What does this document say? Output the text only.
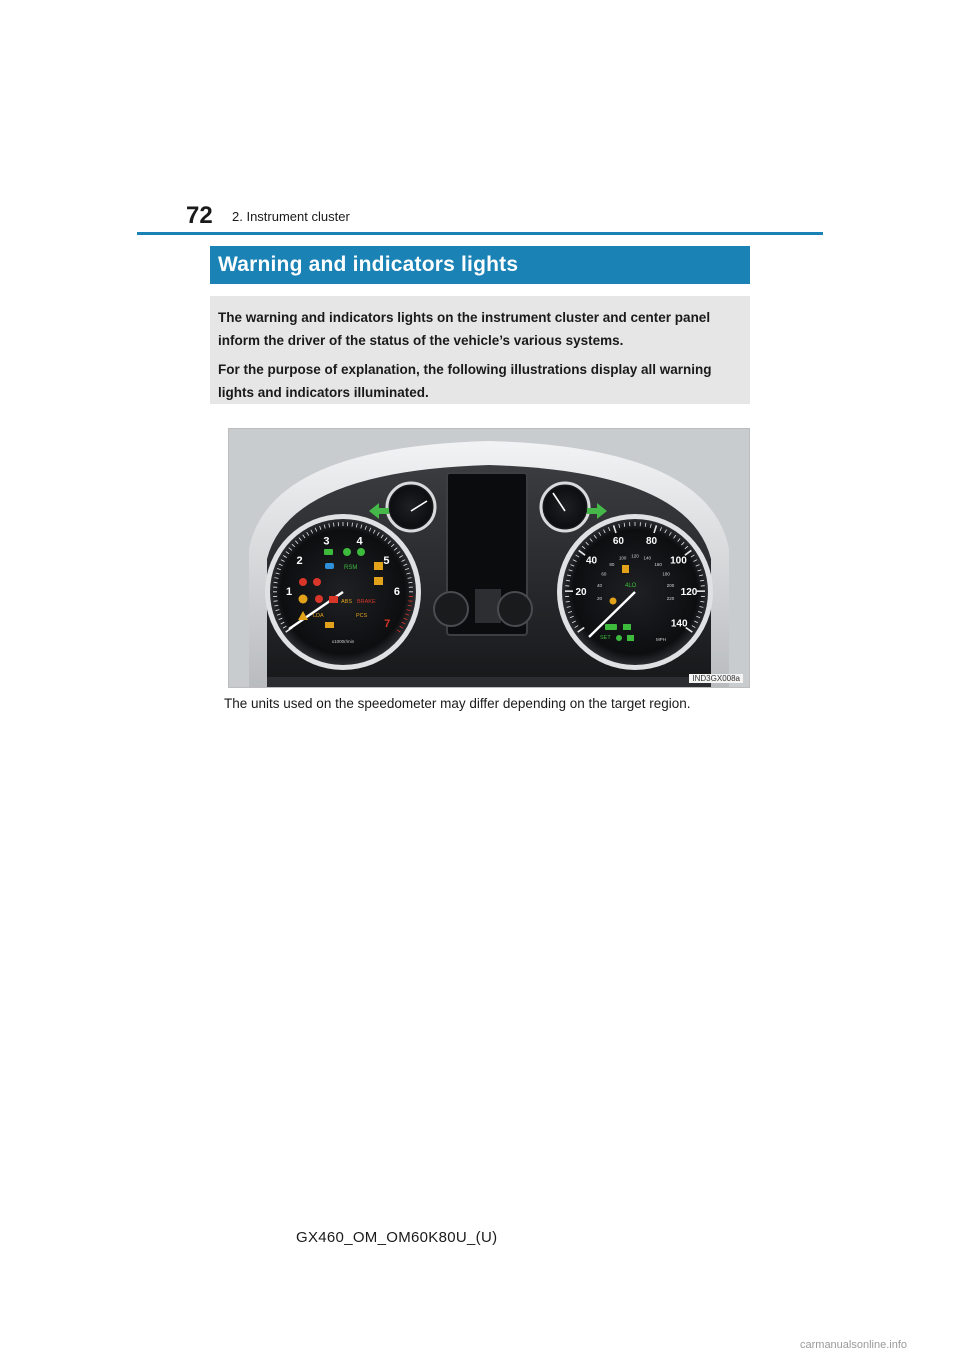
72 2. Instrument cluster
Warning and indicators lights

The warning and indicators lights on the instrument cluster and center panel inform the driver of the status of the vehicle’s various systems.

For the purpose of explanation, the following illustrations display all warning lights and indicators illuminated.

1
2
3 4
5
6
7
x1000r/min
RSM
ABS BRAKE
LDA	PCS
20
40
60 80
100
120
140
20
40
60
80
100 120 140
160
180
200
220
MPH
4LO
SET
IND3GX008a
The units used on the speedometer may differ depending on the target region.
GX460_OM_OM60K80U_(U)
carmanualsonline.info
